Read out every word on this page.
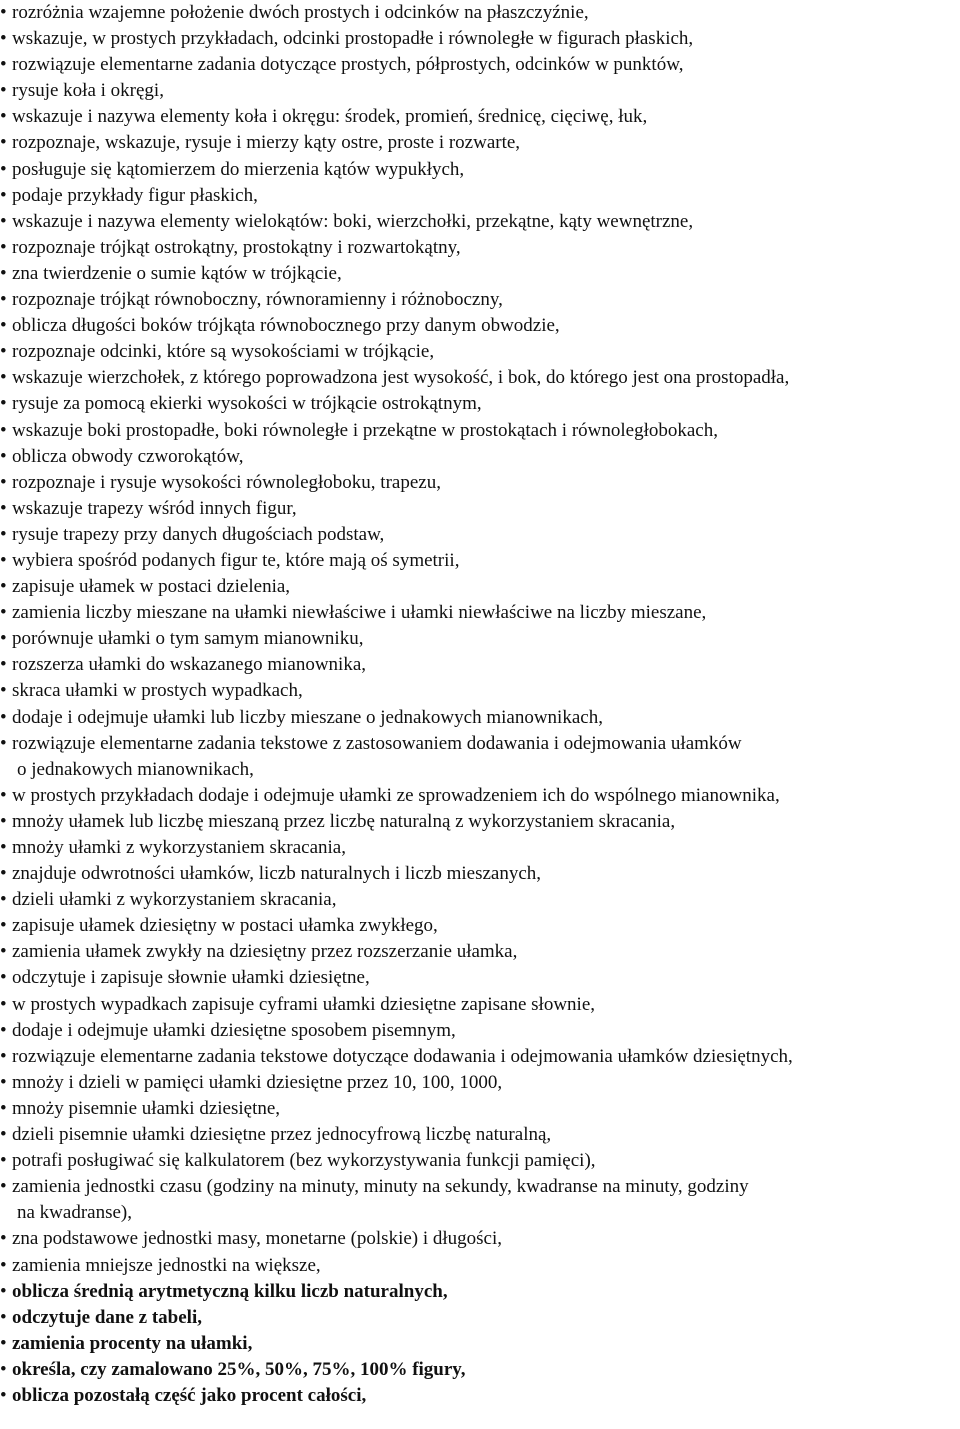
• rozróżnia wzajemne położenie dwóch prostych i odcinków na płaszczyźnie,
• wskazuje, w prostych przykładach, odcinki prostopadłe i równoległe w figurach płaskich,
• rozwiązuje elementarne zadania dotyczące prostych, półprostych, odcinków w punktów,
• rysuje koła i okręgi,
• wskazuje i nazywa elementy koła i okręgu: środek, promień, średnicę, cięciwę, łuk,
• rozpoznaje, wskazuje, rysuje i mierzy kąty ostre, proste i rozwarte,
• posługuje się kątomierzem do mierzenia kątów wypukłych,
• podaje przykłady figur płaskich,
• wskazuje i nazywa elementy wielokątów: boki, wierzchołki, przekątne, kąty wewnętrzne,
• rozpoznaje trójkąt ostrokątny, prostokątny i rozwartokątny,
• zna twierdzenie o sumie kątów w trójkącie,
• rozpoznaje trójkąt równoboczny, równoramienny i różnoboczny,
• oblicza długości boków trójkąta równobocznego przy danym obwodzie,
• rozpoznaje odcinki, które są wysokościami w trójkącie,
• wskazuje wierzchołek, z którego poprowadzona jest wysokość, i bok, do którego jest ona prostopadła,
• rysuje za pomocą ekierki wysokości w trójkącie ostrokątnym,
• wskazuje boki prostopadłe, boki równoległe i przekątne w prostokątach i równoległobokach,
• oblicza obwody czworokątów,
• rozpoznaje i rysuje wysokości równoległoboku, trapezu,
• wskazuje trapezy wśród innych figur,
• rysuje trapezy przy danych długościach podstaw,
• wybiera spośród podanych figur te, które mają oś symetrii,
• zapisuje ułamek w postaci dzielenia,
• zamienia liczby mieszane na ułamki niewłaściwe i ułamki niewłaściwe na liczby mieszane,
• porównuje ułamki o tym samym mianowniku,
• rozszerza ułamki do wskazanego mianownika,
• skraca ułamki w prostych wypadkach,
• dodaje i odejmuje ułamki lub liczby mieszane o jednakowych mianownikach,
• rozwiązuje elementarne zadania tekstowe z zastosowaniem dodawania i odejmowania ułamków
o jednakowych mianownikach,
• w prostych przykładach dodaje i odejmuje ułamki ze sprowadzeniem ich do wspólnego mianownika,
• mnoży ułamek lub liczbę mieszaną przez liczbę naturalną z wykorzystaniem skracania,
• mnoży ułamki z wykorzystaniem skracania,
• znajduje odwrotności ułamków, liczb naturalnych i liczb mieszanych,
• dzieli ułamki z wykorzystaniem skracania,
• zapisuje ułamek dziesiętny w postaci ułamka zwykłego,
• zamienia ułamek zwykły na dziesiętny przez rozszerzanie ułamka,
• odczytuje i zapisuje słownie ułamki dziesiętne,
• w prostych wypadkach zapisuje cyframi ułamki dziesiętne zapisane słownie,
• dodaje i odejmuje ułamki dziesiętne sposobem pisemnym,
• rozwiązuje elementarne zadania tekstowe dotyczące dodawania i odejmowania ułamków dziesiętnych,
• mnoży i dzieli w pamięci ułamki dziesiętne przez 10, 100, 1000,
• mnoży pisemnie ułamki dziesiętne,
• dzieli pisemnie ułamki dziesiętne przez jednocyfrową liczbę naturalną,
• potrafi posługiwać się kalkulatorem (bez wykorzystywania funkcji pamięci),
• zamienia jednostki czasu (godziny na minuty, minuty na sekundy, kwadranse na minuty, godziny
na kwadranse),
• zna podstawowe jednostki masy, monetarne (polskie) i długości,
• zamienia mniejsze jednostki na większe,
• oblicza średnią arytmetyczną kilku liczb naturalnych,
• odczytuje dane z tabeli,
• zamienia procenty na ułamki,
• określa, czy zamalowano 25%, 50%, 75%, 100% figury,
• oblicza pozostałą część jako procent całości,
